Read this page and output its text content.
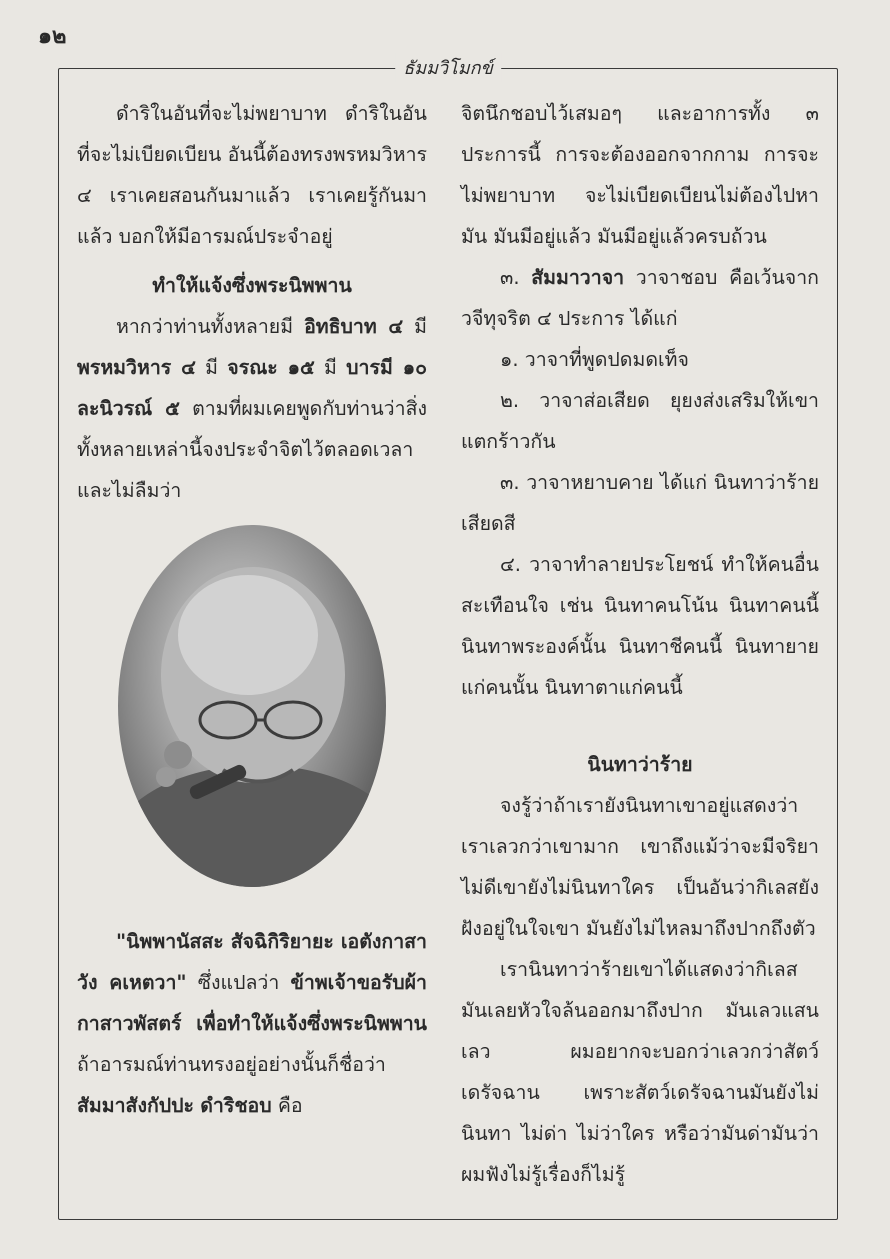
๑๒
ธัมมวิโมกข์

ดำริในอันที่จะไม่พยาบาท ดำริในอันที่จะไม่เบียดเบียน อันนี้ต้องทรงพรหมวิหาร ๔ เราเคยสอนกันมาแล้ว เราเคยรู้กันมาแล้ว บอกให้มีอารมณ์ประจำอยู่

ทำให้แจ้งซึ่งพระนิพพาน

หากว่าท่านทั้งหลายมี อิทธิบาท ๔ มี พรหมวิหาร ๔ มี จรณะ ๑๕ มี บารมี ๑๐ ละนิวรณ์ ๕ ตามที่ผมเคยพูดกับท่านว่าสิ่งทั้งหลายเหล่านี้จงประจำจิตไว้ตลอดเวลา และไม่ลืมว่า

"นิพพานัสสะ สัจฉิกิริยายะ เอตังกาสาวัง คเหตวา" ซึ่งแปลว่า ข้าพเจ้าขอรับผ้ากาสาวพัสตร์ เพื่อทำให้แจ้งซึ่งพระนิพพาน ถ้าอารมณ์ท่านทรงอยู่อย่างนั้นก็ชื่อว่า สัมมาสังกัปปะ ดำริชอบ คือ

จิตนึกชอบไว้เสมอๆ และอาการทั้ง ๓ ประการนี้ การจะต้องออกจากกาม การจะไม่พยาบาท จะไม่เบียดเบียนไม่ต้องไปหามัน มันมีอยู่แล้ว มันมีอยู่แล้วครบถ้วน

๓. สัมมาวาจา วาจาชอบ คือเว้นจากวจีทุจริต ๔ ประการ ได้แก่

๑. วาจาที่พูดปดมดเท็จ

๒. วาจาส่อเสียด ยุยงส่งเสริมให้เขาแตกร้าวกัน

๓. วาจาหยาบคาย ได้แก่ นินทาว่าร้าย เสียดสี

๔. วาจาทำลายประโยชน์ ทำให้คนอื่นสะเทือนใจ เช่น นินทาคนโน้น นินทาคนนี้ นินทาพระองค์นั้น นินทาชีคนนี้ นินทายายแก่คนนั้น นินทาตาแก่คนนี้

นินทาว่าร้าย

จงรู้ว่าถ้าเรายังนินทาเขาอยู่แสดงว่าเราเลวกว่าเขามาก เขาถึงแม้ว่าจะมีจริยาไม่ดีเขายังไม่นินทาใคร เป็นอันว่ากิเลสยังฝังอยู่ในใจเขา มันยังไม่ไหลมาถึงปากถึงตัว

เรานินทาว่าร้ายเขาได้แสดงว่ากิเลสมันเลยหัวใจล้นออกมาถึงปาก มันเลวแสนเลว ผมอยากจะบอกว่าเลวกว่าสัตว์เดรัจฉาน เพราะสัตว์เดรัจฉานมันยังไม่นินทา ไม่ด่า ไม่ว่าใคร หรือว่ามันด่ามันว่าผมฟังไม่รู้เรื่องก็ไม่รู้
